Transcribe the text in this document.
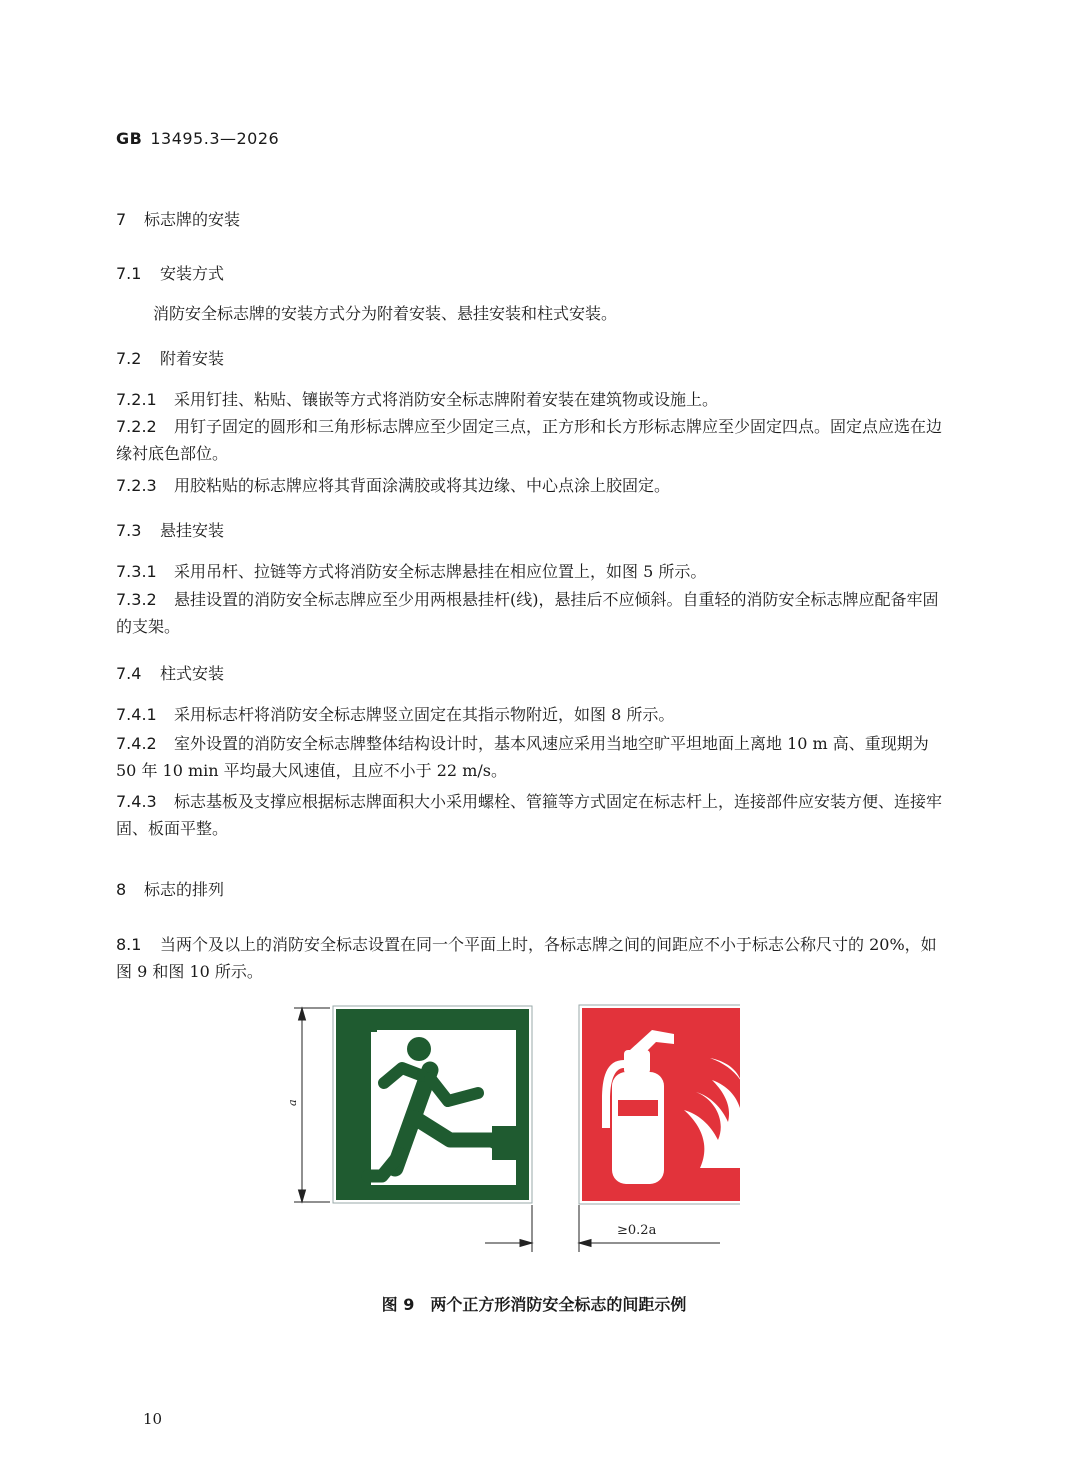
GB 13495.3—2026
7 标志牌的安装
7.1 安装方式
消防安全标志牌的安装方式分为附着安装、悬挂安装和柱式安装。
7.2 附着安装
7.2.1 采用钉挂、粘贴、镶嵌等方式将消防安全标志牌附着安装在建筑物或设施上。
7.2.2 用钉子固定的圆形和三角形标志牌应至少固定三点，正方形和长方形标志牌应至少固定四点。固定点应选在边缘衬底色部位。
7.2.3 用胶粘贴的标志牌应将其背面涂满胶或将其边缘、中心点涂上胶固定。
7.3 悬挂安装
7.3.1 采用吊杆、拉链等方式将消防安全标志牌悬挂在相应位置上，如图 5 所示。
7.3.2 悬挂设置的消防安全标志牌应至少用两根悬挂杆(线)，悬挂后不应倾斜。自重轻的消防安全标志牌应配备牢固的支架。
7.4 柱式安装
7.4.1 采用标志杆将消防安全标志牌竖立固定在其指示物附近，如图 8 所示。
7.4.2 室外设置的消防安全标志牌整体结构设计时，基本风速应采用当地空旷平坦地面上离地 10 m 高、重现期为 50 年 10 min 平均最大风速值，且应不小于 22 m/s。
7.4.3 标志基板及支撑应根据标志牌面积大小采用螺栓、管箍等方式固定在标志杆上，连接部件应安装方便、连接牢固、板面平整。
8 标志的排列
8.1 当两个及以上的消防安全标志设置在同一个平面上时，各标志牌之间的间距应不小于标志公称尺寸的 20%，如图 9 和图 10 所示。
a
≥0.2a
图 9 两个正方形消防安全标志的间距示例
10
